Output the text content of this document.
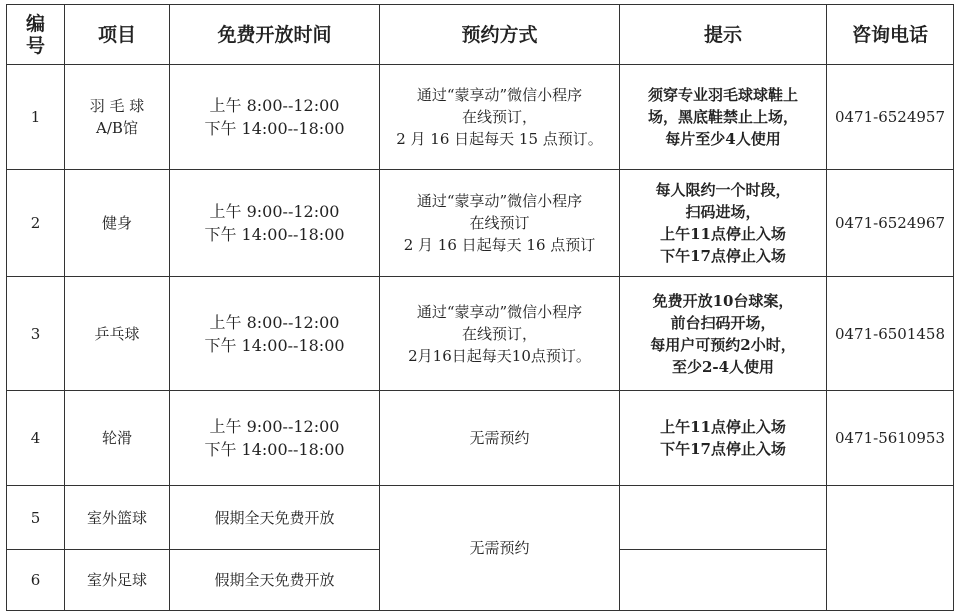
编
号	项目	免费开放时间	预约方式	提示	咨询电话
1	羽 毛 球
A/B馆	上午 8:00--12:00
下午 14:00--18:00	通过“蒙享动”微信小程序
在线预订，
2 月 16 日起每天 15 点预订。	须穿专业羽毛球球鞋上
场，黑底鞋禁止上场，
每片至少4人使用	0471-6524957
2	健身	上午 9:00--12:00
下午 14:00--18:00	通过“蒙享动”微信小程序
在线预订
2 月 16 日起每天 16 点预订	每人限约一个时段，
扫码进场，
上午11点停止入场
下午17点停止入场	0471-6524967
3	乒乓球	上午 8:00--12:00
下午 14:00--18:00	通过“蒙享动”微信小程序
在线预订，
2月16日起每天10点预订。	免费开放10台球案，
前台扫码开场，
每用户可预约2小时，
至少2-4人使用	0471-6501458
4	轮滑	上午 9:00--12:00
下午 14:00--18:00	无需预约	上午11点停止入场
下午17点停止入场	0471-5610953
5	室外篮球	假期全天免费开放	无需预约		
6	室外足球	假期全天免费开放			
